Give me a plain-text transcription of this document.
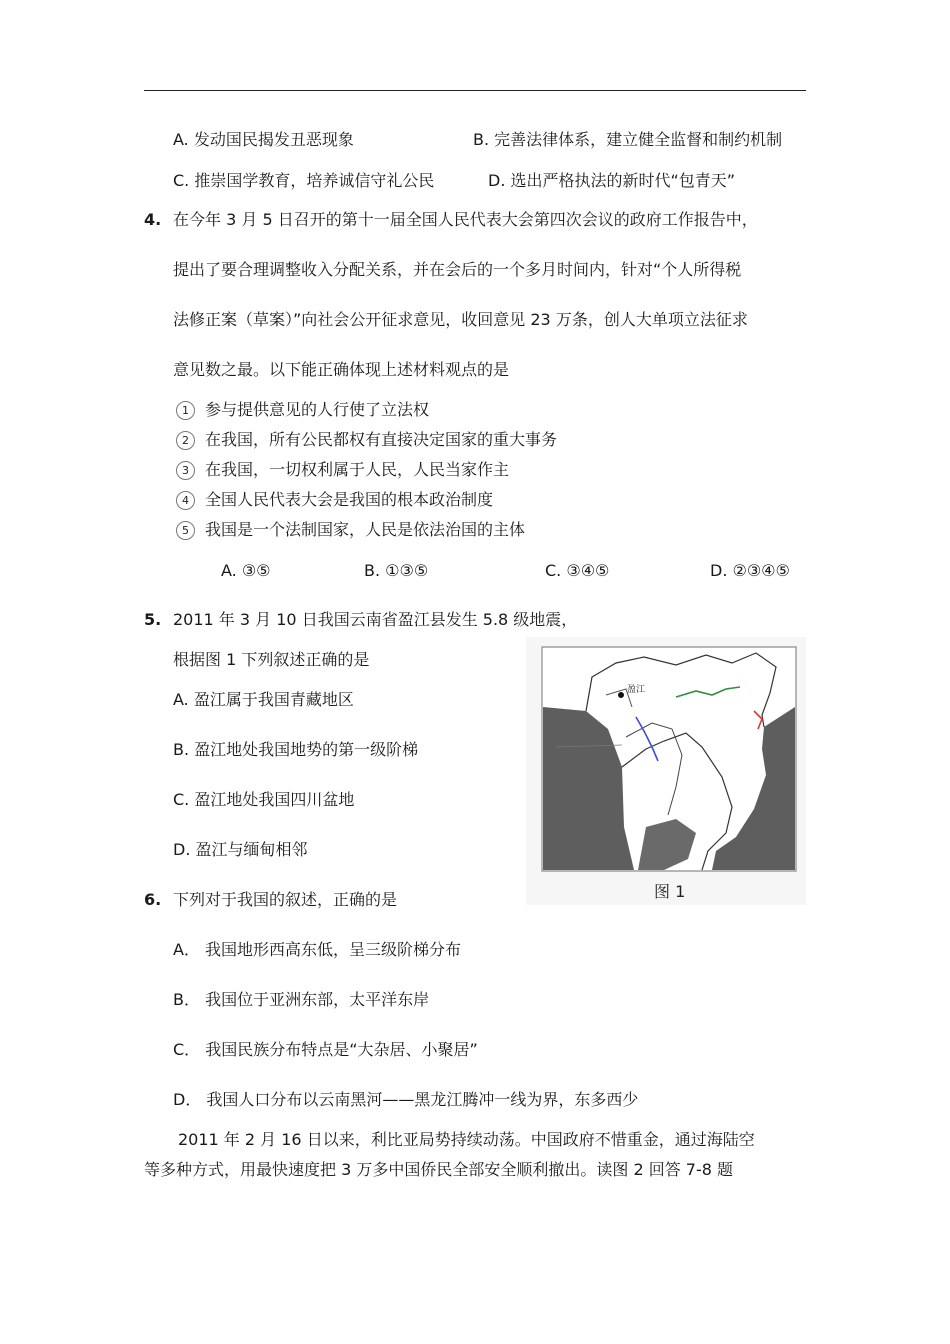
A. 发动国民揭发丑恶现象	B. 完善法律体系，建立健全监督和制约机制
C. 推崇国学教育，培养诚信守礼公民	D. 选出严格执法的新时代“包青天”
4. 在今年 3 月 5 日召开的第十一届全国人民代表大会第四次会议的政府工作报告中，
提出了要合理调整收入分配关系，并在会后的一个多月时间内，针对“个人所得税
法修正案（草案）”向社会公开征求意见，收回意见 23 万条，创人大单项立法征求
意见数之最。以下能正确体现上述材料观点的是
1	参与提供意见的人行使了立法权
2	在我国，所有公民都权有直接决定国家的重大事务
3	在我国，一切权利属于人民，人民当家作主
4	全国人民代表大会是我国的根本政治制度
5	我国是一个法制国家，人民是依法治国的主体
A. ③⑤	B. ①③⑤	C. ③④⑤	D. ②③④⑤
5. 2011 年 3 月 10 日我国云南省盈江县发生 5.8 级地震，
根据图 1 下列叙述正确的是
A. 盈江属于我国青藏地区
B. 盈江地处我国地势的第一级阶梯
C. 盈江地处我国四川盆地
D. 盈江与缅甸相邻
盈江
图 1
6. 下列对于我国的叙述，正确的是
A． 我国地形西高东低，呈三级阶梯分布
B． 我国位于亚洲东部，太平洋东岸
C． 我国民族分布特点是“大杂居、小聚居”
D． 我国人口分布以云南黑河——黑龙江腾冲一线为界，东多西少
2011 年 2 月 16 日以来，利比亚局势持续动荡。中国政府不惜重金，通过海陆空
等多种方式，用最快速度把 3 万多中国侨民全部安全顺利撤出。读图 2 回答 7-8 题
